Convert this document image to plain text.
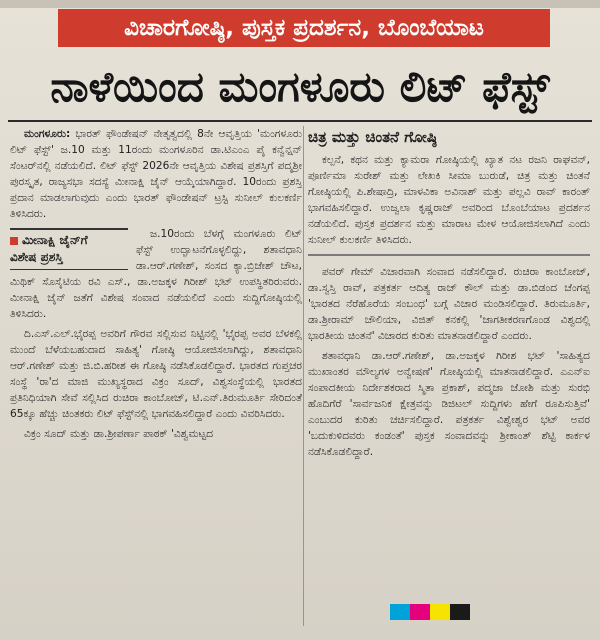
ವಿಚಾರಗೋಷ್ಠಿ, ಪುಸ್ತಕ ಪ್ರದರ್ಶನ, ಬೊಂಬೆಯಾಟ
ನಾಳೆಯಿಂದ ಮಂಗಳೂರು ಲಿಟ್ ಫೆಸ್ಟ್

ಮಂಗಳೂರು: ಭಾರತ್ ಫೌಂಡೇಷನ್ ನೇತೃತ್ವದಲ್ಲಿ 8ನೇ ಆವೃತ್ತಿಯ 'ಮಂಗಳೂರು ಲಿಟ್ ಫೆಸ್ಟ್' ಜ.10 ಮತ್ತು 11ರಂದು ಮಂಗಳೂರಿನ ಡಾ.ಟಿಎಂಎ ಪೈ ಕನ್ವೆನ್ಷನ್ ಸೆಂಟರ್‌ನಲ್ಲಿ ನಡೆಯಲಿದೆ. ಲಿಟ್ ಫೆಸ್ಟ್ 2026ನೇ ಆವೃತ್ತಿಯ ವಿಶೇಷ ಪ್ರಶಸ್ತಿಗೆ ಪದ್ಮಶ್ರೀ ಪುರಸ್ಕೃತ, ರಾಜ್ಯಸಭಾ ಸದಸ್ಯೆ ಮೀನಾಕ್ಷಿ ಜೈನ್ ಆಯ್ಕೆಯಾಗಿದ್ದಾರೆ. 10ರಂದು ಪ್ರಶಸ್ತಿ ಪ್ರದಾನ ಮಾಡಲಾಗುವುದು ಎಂದು ಭಾರತ್ ಫೌಂಡೇಷನ್ ಟ್ರಸ್ಟಿ ಸುನೀಲ್ ಕುಲಕರ್ಣಿ ತಿಳಿಸಿದರು.

ಮೀನಾಕ್ಷಿ ಜೈನ್‌ಗೆ
ವಿಶೇಷ ಪ್ರಶಸ್ತಿ

ಜ.10ರಂದು ಬೆಳಗ್ಗೆ ಮಂಗಳೂರು ಲಿಟ್ ಫೆಸ್ಟ್ ಉದ್ಘಾಟನೆಗೊಳ್ಳಲಿದ್ದು, ಶತಾವಧಾನಿ ಡಾ.ಆರ್.ಗಣೇಶ್, ಸಂಸದ ಕ್ಯಾ.ಬ್ರಿಜೇಶ್ ಚೌಟ, ಮಿಥಿಕ್ ಸೊಸೈಟಿಯ ರವಿ ಎಸ್., ಡಾ.ಅಜಕ್ಕಳ ಗಿರೀಶ್ ಭಟ್ ಉಪಸ್ಥಿತರಿರುವರು. ಮೀನಾಕ್ಷಿ ಜೈನ್ ಜತೆಗೆ ವಿಶೇಷ ಸಂವಾದ ನಡೆಯಲಿದೆ ಎಂದು ಸುದ್ದಿಗೋಷ್ಠಿಯಲ್ಲಿ ತಿಳಿಸಿದರು.

ದಿ.ಎಸ್.ಎಲ್.ಭೈರಪ್ಪ ಅವರಿಗೆ ಗೌರವ ಸಲ್ಲಿಸುವ ನಿಟ್ಟಿನಲ್ಲಿ 'ಭೈರಪ್ಪ ಅವರ ಬೆಳಕಲ್ಲಿ ಮುಂದೆ ಬೆಳೆಯಬಹುದಾದ ಸಾಹಿತ್ಯ' ಗೋಷ್ಠಿ ಆಯೋಜಿಸಲಾಗಿದ್ದು, ಶತಾವಧಾನಿ ಆರ್.ಗಣೇಶ್ ಮತ್ತು ಜಿ.ಬಿ.ಹರೀಶ ಈ ಗೋಷ್ಠಿ ನಡೆಸಿಕೊಡಲಿದ್ದಾರೆ. ಭಾರತದ ಗುಪ್ತಚರ ಸಂಸ್ಥೆ 'ರಾ'ದ ಮಾಜಿ ಮುಖ್ಯಸ್ಥರಾದ ವಿಕ್ರಂ ಸೂದ್, ವಿಶ್ವಸಂಸ್ಥೆಯಲ್ಲಿ ಭಾರತದ ಪ್ರತಿನಿಧಿಯಾಗಿ ಸೇವೆ ಸಲ್ಲಿಸಿದ ರುಚಿರಾ ಕಾಂಬೋಜ್, ಟಿ.ಎನ್.ತಿರುಮೂರ್ತಿ ಸೇರಿದಂತೆ 65ಕ್ಕೂ ಹೆಚ್ಚು ಚಿಂತಕರು ಲಿಟ್ ಫೆಸ್ಟ್‌ನಲ್ಲಿ ಭಾಗವಹಿಸಲಿದ್ದಾರೆ ಎಂದು ವಿವರಿಸಿದರು.

ವಿಕ್ರಂ ಸೂದ್ ಮತ್ತು ಡಾ.ಶ್ರೀಪರ್ಣಾ ಪಾಠಕ್ 'ವಿಶ್ವಮಟ್ಟದ

ಚಿತ್ರ ಮತ್ತು ಚಿಂತನೆ ಗೋಷ್ಠಿ

ಕಲ್ಪನೆ, ಕಥನ ಮತ್ತು ಕ್ಯಾಮರಾ ಗೋಷ್ಠಿಯಲ್ಲಿ ಖ್ಯಾತ ನಟ ರಜನಿ ರಾಘವನ್, ಪೂರ್ಣಿಮಾ ಸುರೇಶ್ ಮತ್ತು ಲೇಖಕಿ ಸೀಮಾ ಬುರುಡೆ, ಚಿತ್ರ ಮತ್ತು ಚಿಂತನೆ ಗೋಷ್ಠಿಯಲ್ಲಿ ಪಿ.ಶೇಷಾದ್ರಿ, ಮಾಳವಿಕಾ ಅವಿನಾಶ್ ಮತ್ತು ಪಲ್ಲವಿ ರಾವ್ ಕಾರಂತ್ ಭಾಗವಹಿಸಲಿದ್ದಾರೆ. ಉಜ್ವಲಾ ಕೃಷ್ಣರಾಜ್ ಅವರಿಂದ ಬೊಂಬೆಯಾಟ ಪ್ರದರ್ಶನ ನಡೆಯಲಿದೆ. ಪುಸ್ತಕ ಪ್ರದರ್ಶನ ಮತ್ತು ಮಾರಾಟ ಮೇಳ ಆಯೋಜಿಸಲಾಗಿದೆ ಎಂದು ಸುನೀಲ್ ಕುಲಕರ್ಣಿ ತಿಳಿಸಿದರು.

ಪವರ್ ಗೇಮ್ ವಿಚಾರವಾಗಿ ಸಂವಾದ ನಡೆಸಲಿದ್ದಾರೆ. ರುಚಿರಾ ಕಾಂಬೋಜ್, ಡಾ.ಸ್ವಸ್ತಿ ರಾವ್, ಪತ್ರಕರ್ತ ಆದಿತ್ಯ ರಾಜ್ ಕೌಲ್ ಮತ್ತು ಡಾ.ಬಿಡಂದ ಚೆಂಗಪ್ಪ 'ಭಾರತದ ನೆರೆಹೊರೆಯ ಸಂಬಂಧ' ಬಗ್ಗೆ ವಿಚಾರ ಮಂಡಿಸಲಿದ್ದಾರೆ. ತಿರುಮೂರ್ತಿ, ಡಾ.ಶ್ರೀರಾಮ್ ಚೌಲಿಯಾ, ವಿಜಿತ್ ಕನಕಲ್ಲಿ 'ಜಾಗತೀಕರಣಗೊಂಡ ವಿಶ್ವದಲ್ಲಿ ಭಾರತೀಯ ಚಿಂತನೆ' ವಿಚಾರದ ಕುರಿತು ಮಾತನಾಡಲಿದ್ದಾರೆ ಎಂದರು.

ಶತಾವಧಾನಿ ಡಾ.ಆರ್.ಗಣೇಶ್, ಡಾ.ಅಜಕ್ಕಳ ಗಿರೀಶ ಭಟ್ 'ಸಾಹಿತ್ಯದ ಮುಖಾಂತರ ಮೌಲ್ಯಗಳ ಅನ್ವೇಷಣೆ' ಗೋಷ್ಠಿಯಲ್ಲಿ ಮಾತನಾಡಲಿದ್ದಾರೆ. ಎಎನ್‌ಐ ಸಂಪಾದಕೀಯ ನಿರ್ದೇಶಕರಾದ ಸ್ಮಿತಾ ಪ್ರಕಾಶ್, ಪದ್ಮಜಾ ಜೋಶಿ ಮತ್ತು ಸುರಭಿ ಹೊದಿಗೆರೆ 'ಸಾರ್ವಜನಿಕ ಕ್ಷೇತ್ರವನ್ನು ಡಿಜಿಟಲ್ ಸುದ್ದಿಗಳು ಹೇಗೆ ರೂಪಿಸುತ್ತಿವೆ' ಎಂಬುದರ ಕುರಿತು ಚರ್ಚಿಸಲಿದ್ದಾರೆ. ಪತ್ರಕರ್ತ ವಿಶ್ವೇಶ್ವರ ಭಟ್ ಅವರ 'ಬದುಕುಳಿದವರು ಕಂಡಂತೆ' ಪುಸ್ತಕ ಸಂವಾದವನ್ನು ಶ್ರೀಕಾಂತ್ ಶೆಟ್ಟಿ ಕಾರ್ಕಳ ನಡೆಸಿಕೊಡಲಿದ್ದಾರೆ.
